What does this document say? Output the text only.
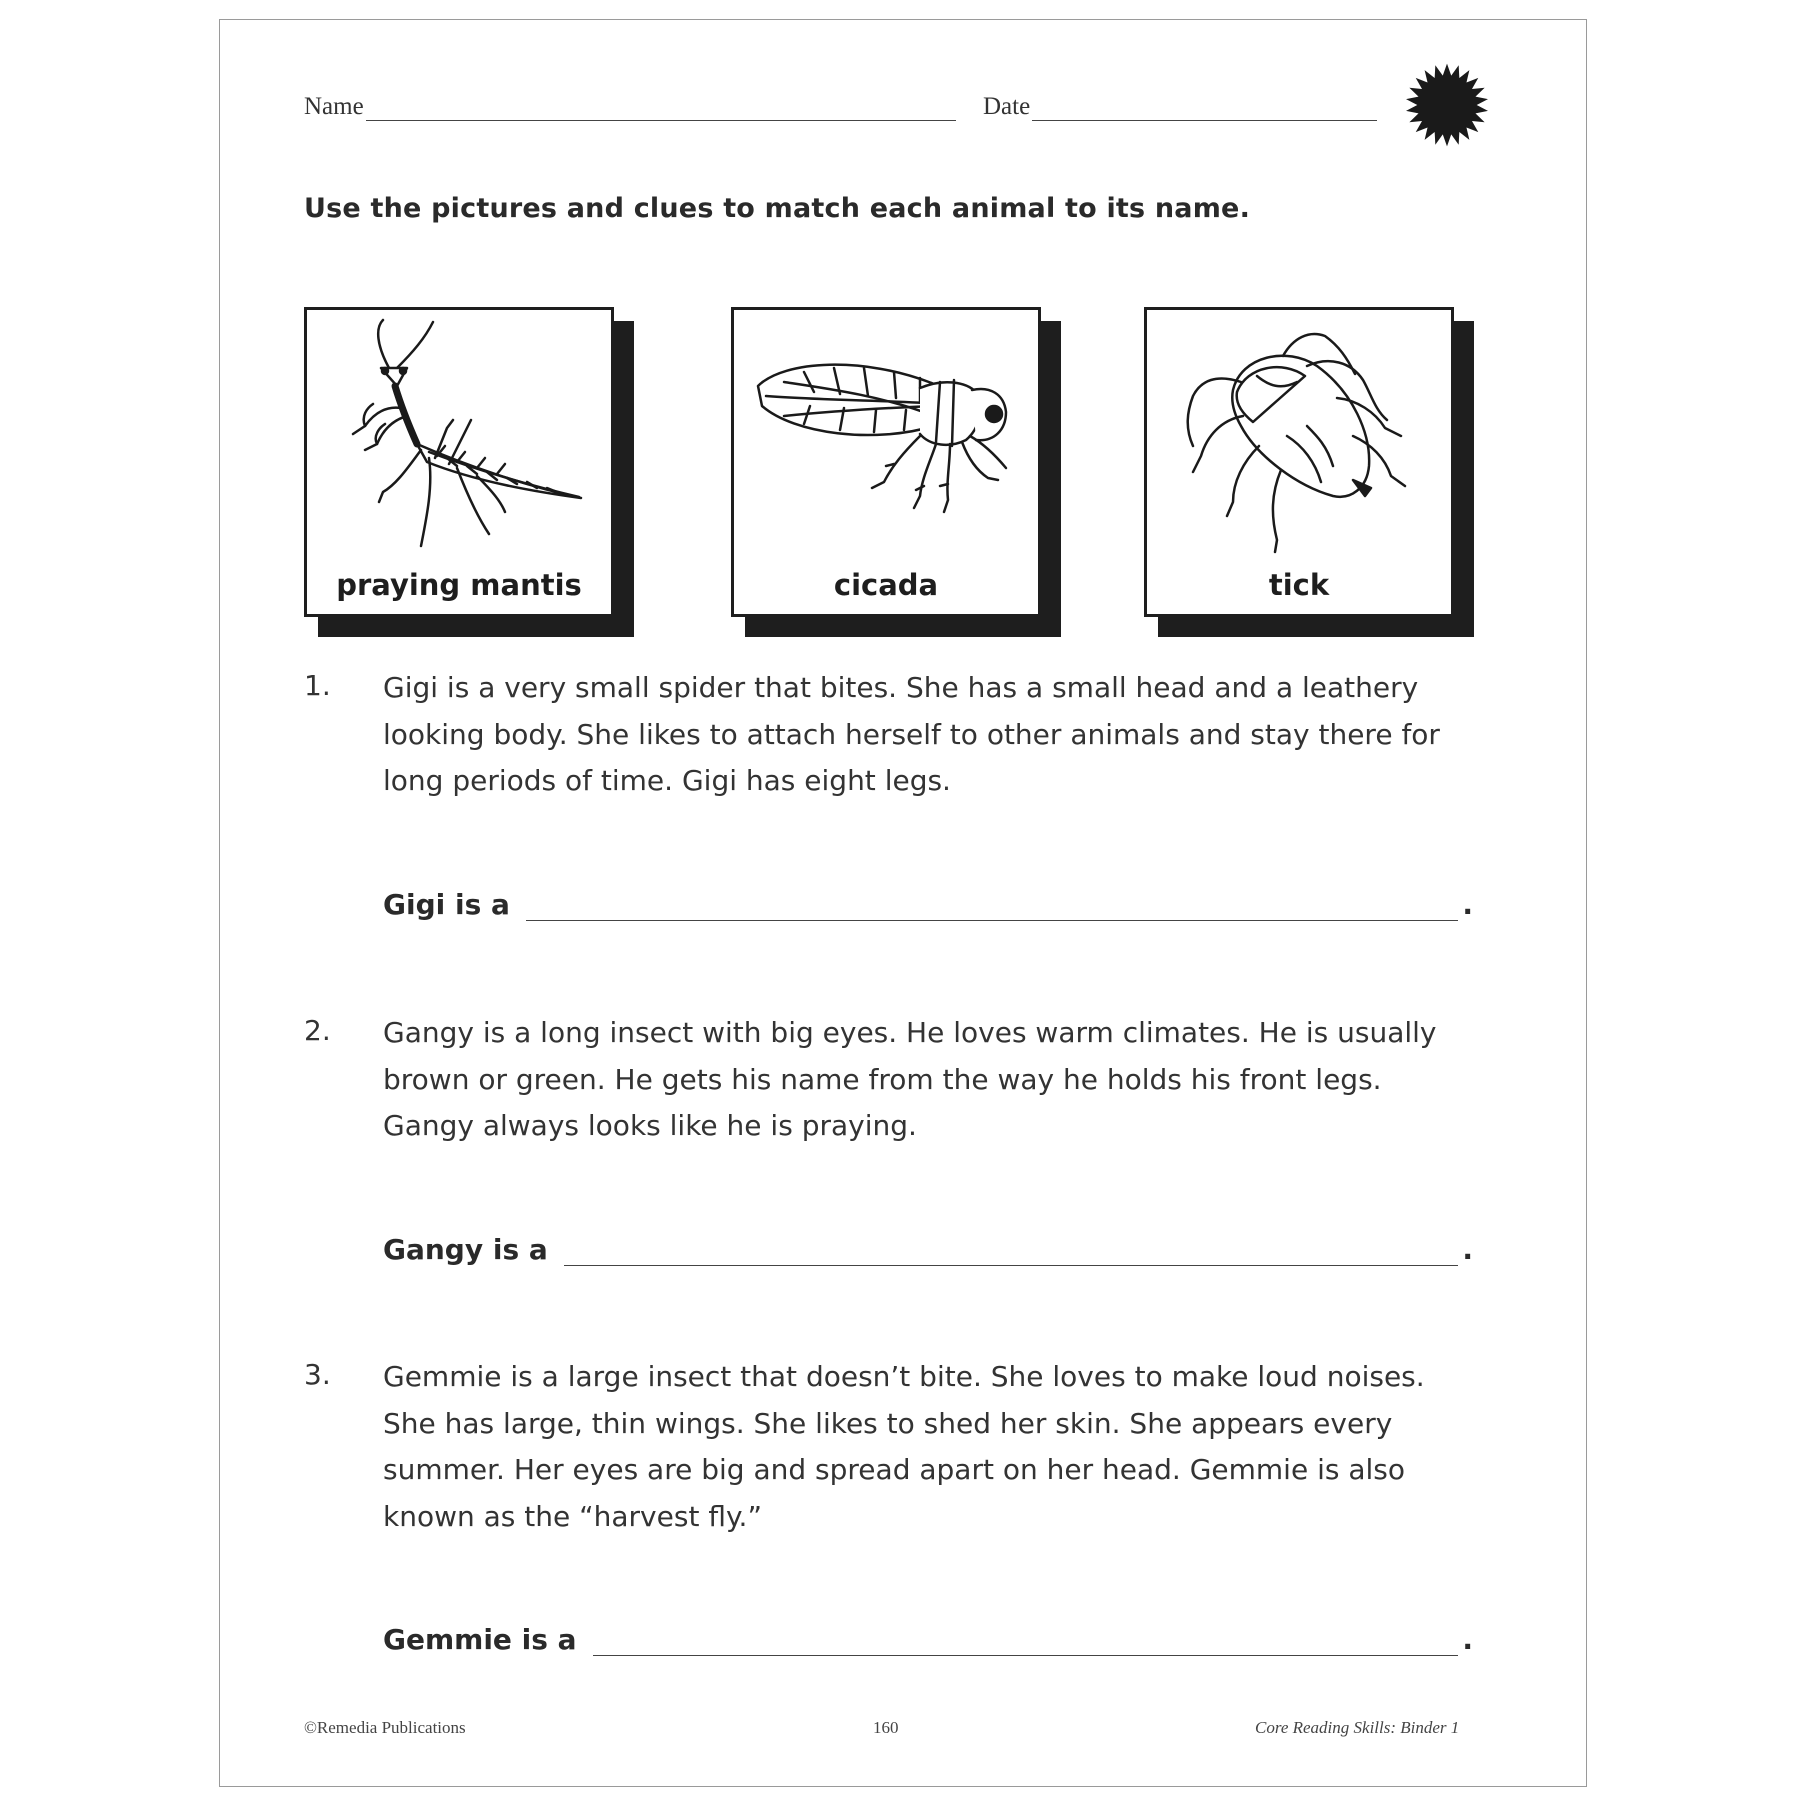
Name	Date
Use the pictures and clues to match each animal to its name.
praying mantis	cicada	tick
1. Gigi is a very small spider that bites. She has a small head and a leathery looking body. She likes to attach herself to other animals and stay there for long periods of time. Gigi has eight legs.
Gigi is a	.
2. Gangy is a long insect with big eyes. He loves warm climates. He is usually brown or green. He gets his name from the way he holds his front legs. Gangy always looks like he is praying.
Gangy is a	.
3. Gemmie is a large insect that doesn’t bite. She loves to make loud noises. She has large, thin wings. She likes to shed her skin. She appears every summer. Her eyes are big and spread apart on her head. Gemmie is also known as the “harvest fly.”
Gemmie is a	.
©Remedia Publications	160	Core Reading Skills: Binder 1
